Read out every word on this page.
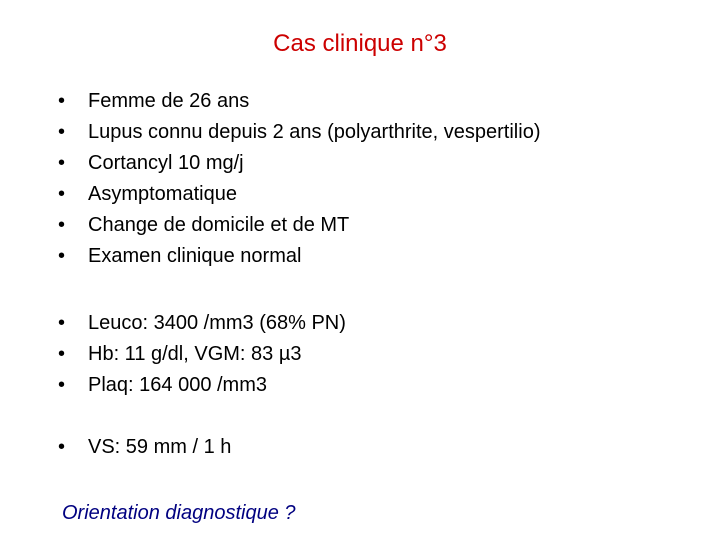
Cas clinique n°3
• Femme de 26 ans
• Lupus connu depuis 2 ans (polyarthrite, vespertilio)
• Cortancyl 10 mg/j
• Asymptomatique
• Change de domicile et de MT
• Examen clinique normal
• Leuco: 3400 /mm3 (68% PN)
• Hb: 11 g/dl, VGM: 83 µ3
• Plaq: 164 000 /mm3
• VS: 59 mm / 1 h

Orientation diagnostique ?
